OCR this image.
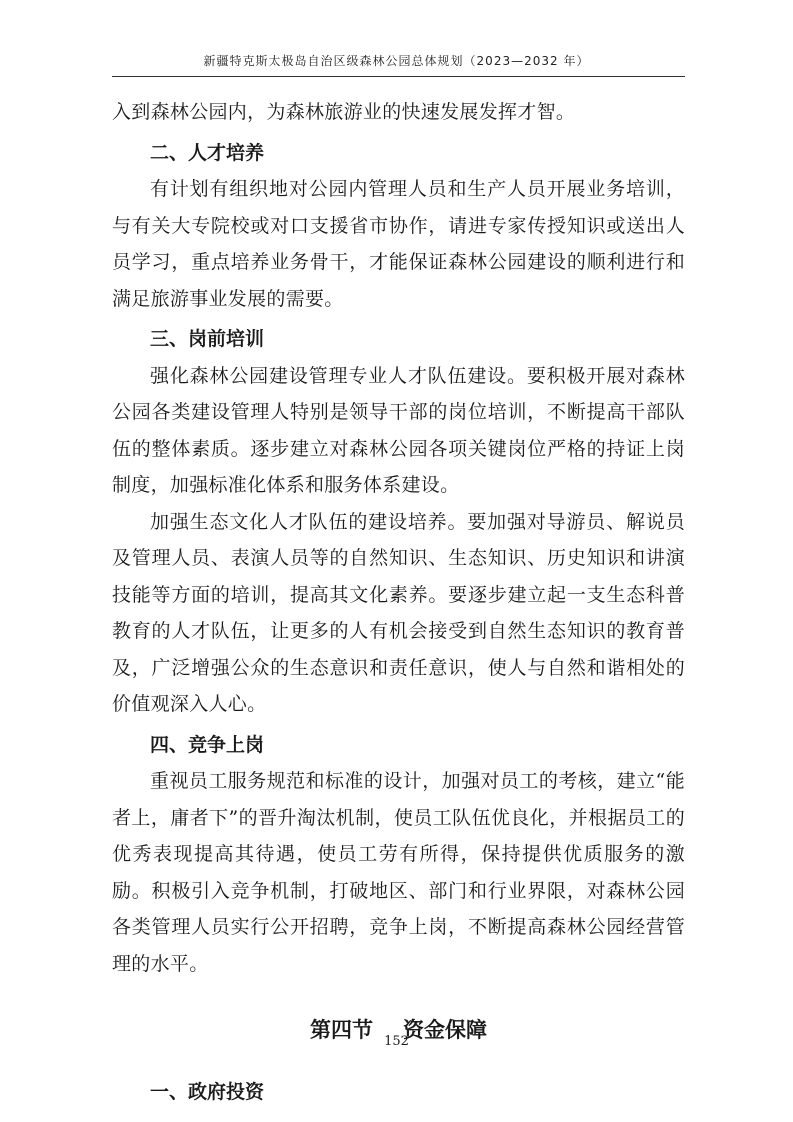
新疆特克斯太极岛自治区级森林公园总体规划（2023—2032 年）

入到森林公园内，为森林旅游业的快速发展发挥才智。

二、人才培养

有计划有组织地对公园内管理人员和生产人员开展业务培训，与有关大专院校或对口支援省市协作，请进专家传授知识或送出人员学习，重点培养业务骨干，才能保证森林公园建设的顺利进行和满足旅游事业发展的需要。

三、岗前培训

强化森林公园建设管理专业人才队伍建设。要积极开展对森林公园各类建设管理人特别是领导干部的岗位培训，不断提高干部队伍的整体素质。逐步建立对森林公园各项关键岗位严格的持证上岗制度，加强标准化体系和服务体系建设。

加强生态文化人才队伍的建设培养。要加强对导游员、解说员及管理人员、表演人员等的自然知识、生态知识、历史知识和讲演技能等方面的培训，提高其文化素养。要逐步建立起一支生态科普教育的人才队伍，让更多的人有机会接受到自然生态知识的教育普及，广泛增强公众的生态意识和责任意识，使人与自然和谐相处的价值观深入人心。

四、竞争上岗

重视员工服务规范和标准的设计，加强对员工的考核，建立“能者上，庸者下”的晋升淘汰机制，使员工队伍优良化，并根据员工的优秀表现提高其待遇，使员工劳有所得，保持提供优质服务的激励。积极引入竞争机制，打破地区、部门和行业界限，对森林公园各类管理人员实行公开招聘，竞争上岗，不断提高森林公园经营管理的水平。

第四节 资金保障

一、政府投资

152
